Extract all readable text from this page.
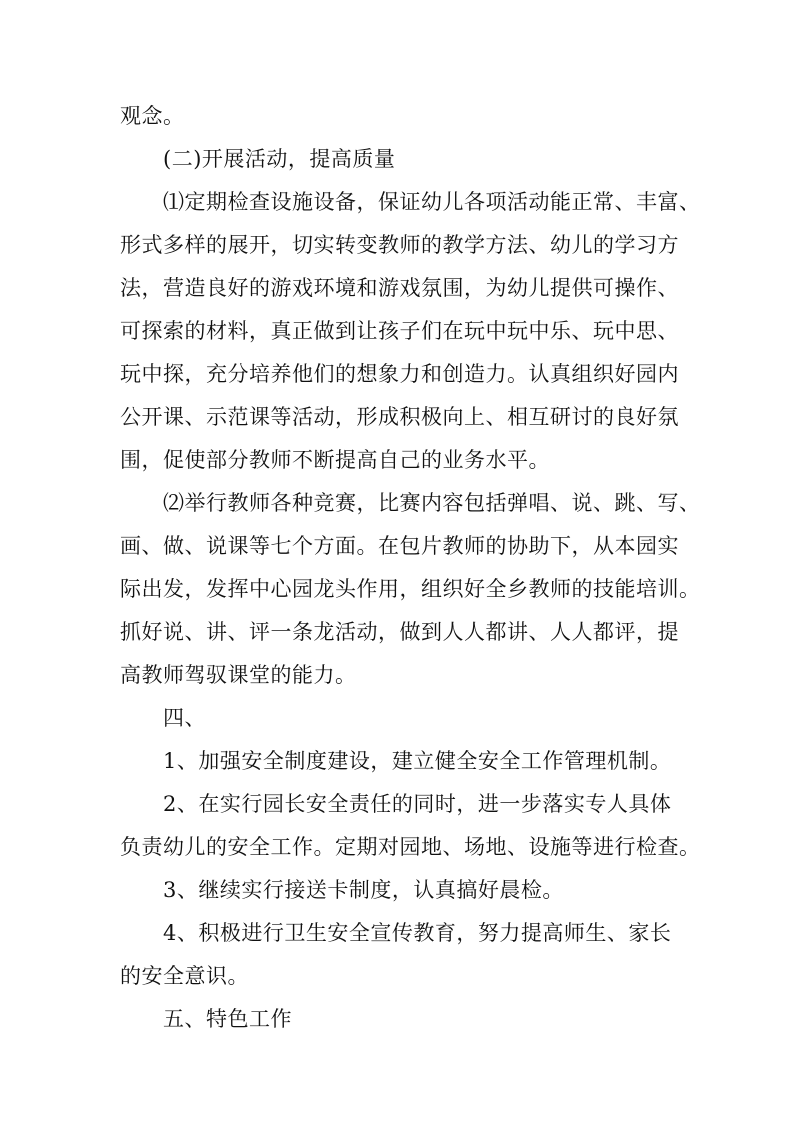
观念。
(二)开展活动，提高质量
⑴定期检查设施设备，保证幼儿各项活动能正常、丰富、
形式多样的展开，切实转变教师的教学方法、幼儿的学习方
法，营造良好的游戏环境和游戏氛围，为幼儿提供可操作、
可探索的材料，真正做到让孩子们在玩中玩中乐、玩中思、
玩中探，充分培养他们的想象力和创造力。认真组织好园内
公开课、示范课等活动，形成积极向上、相互研讨的良好氛
围，促使部分教师不断提高自己的业务水平。
⑵举行教师各种竞赛，比赛内容包括弹唱、说、跳、写、
画、做、说课等七个方面。在包片教师的协助下，从本园实
际出发，发挥中心园龙头作用，组织好全乡教师的技能培训。
抓好说、讲、评一条龙活动，做到人人都讲、人人都评，提
高教师驾驭课堂的能力。
四、
1、加强安全制度建设，建立健全安全工作管理机制。
2、在实行园长安全责任的同时，进一步落实专人具体
负责幼儿的安全工作。定期对园地、场地、设施等进行检查。
3、继续实行接送卡制度，认真搞好晨检。
4、积极进行卫生安全宣传教育，努力提高师生、家长
的安全意识。
五、特色工作
